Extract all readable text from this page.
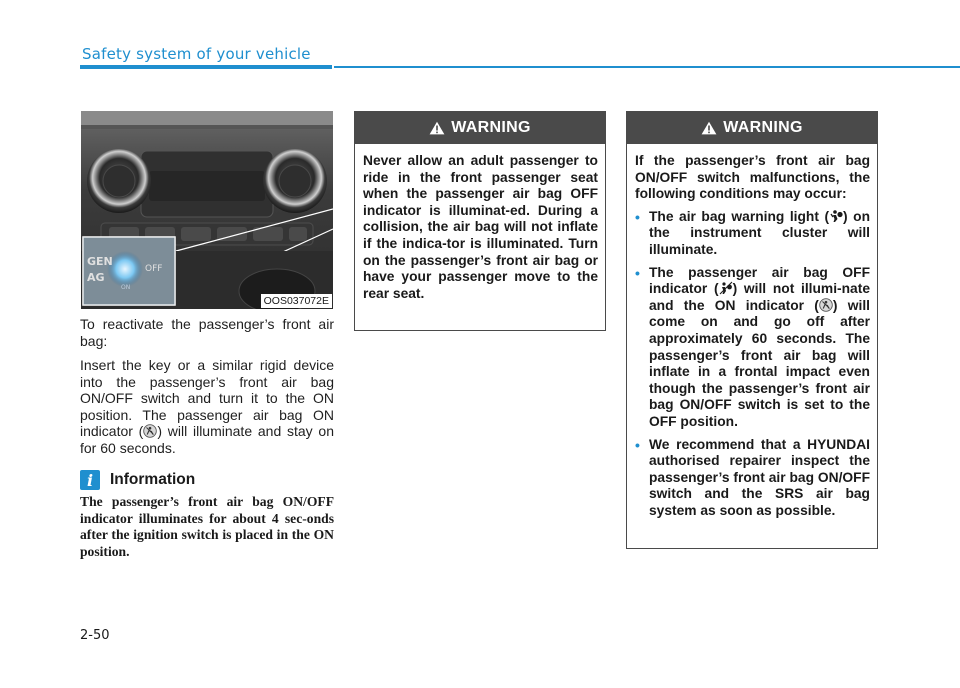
Safety system of your vehicle
GEN
AG
OFF
ON
OOS037072E
To reactivate the passenger’s front air bag:
Insert the key or a similar rigid device into the passenger’s front air bag ON/OFF switch and turn it to the ON position. The passenger air bag ON indicator ( ) will illuminate and stay on for 60 seconds.
i	Information
The passenger’s front air bag ON/OFF indicator illuminates for about 4 sec-onds after the ignition switch is placed in the ON position.
WARNING
Never allow an adult passenger to ride in the front passenger seat when the passenger air bag OFF indicator is illuminat-ed. During a collision, the air bag will not inflate if the indica-tor is illuminated. Turn on the passenger’s front air bag or have your passenger move to the rear seat.
WARNING
If the passenger’s front air bag ON/OFF switch malfunctions, the following conditions may occur:
• The air bag warning light ( ) on the instrument cluster will illuminate.
• The passenger air bag OFF indicator ( ) will not illumi-nate and the ON indicator ( ) will come on and go off after approximately 60 seconds. The passenger’s front air bag will inflate in a frontal impact even though the passenger’s front air bag ON/OFF switch is set to the OFF position.
• We recommend that a HYUNDAI authorised repairer inspect the passenger’s front air bag ON/OFF switch and the SRS air bag system as soon as possible.
2-50
